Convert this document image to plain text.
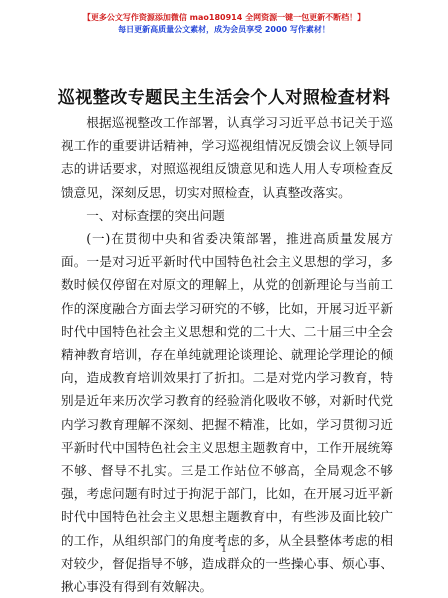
【更多公文写作资源添加微信 mao180914 全网资源一键一包更新不断档！】
每日更新高质量公文素材，成为会员享受 2000 写作素材！
巡视整改专题民主生活会个人对照检查材料

根据巡视整改工作部署，认真学习习近平总书记关于巡视工作的重要讲话精神，学习巡视组情况反馈会议上领导同志的讲话要求，对照巡视组反馈意见和选人用人专项检查反馈意见，深刻反思，切实对照检查，认真整改落实。

一、对标查摆的突出问题

(一)在贯彻中央和省委决策部署，推进高质量发展方面。一是对习近平新时代中国特色社会主义思想的学习，多数时候仅停留在对原文的理解上，从党的创新理论与当前工作的深度融合方面去学习研究的不够，比如，开展习近平新时代中国特色社会主义思想和党的二十大、二十届三中全会精神教育培训，存在单纯就理论谈理论、就理论学理论的倾向，造成教育培训效果打了折扣。二是对党内学习教育，特别是近年来历次学习教育的经验消化吸收不够，对新时代党内学习教育理解不深刻、把握不精准，比如，学习贯彻习近平新时代中国特色社会主义思想主题教育中，工作开展统筹不够、督导不扎实。三是工作站位不够高，全局观念不够强，考虑问题有时过于拘泥于部门，比如，在开展习近平新时代中国特色社会主义思想主题教育中，有些涉及面比较广的工作，从组织部门的角度考虑的多，从全县整体考虑的相对较少，督促指导不够，造成群众的一些操心事、烦心事、揪心事没有得到有效解决。

1
